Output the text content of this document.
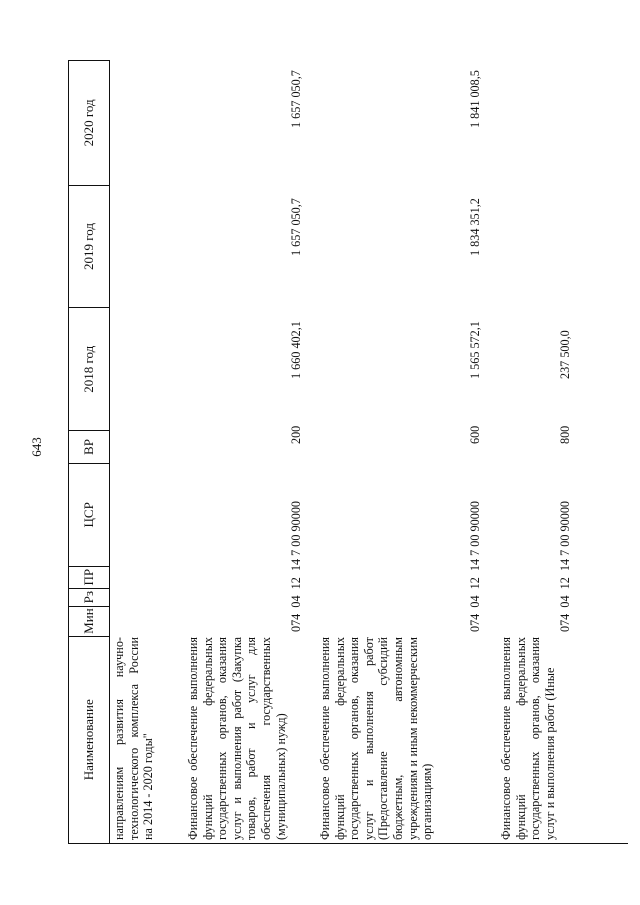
643
Наименование
Мин
Рз
ПР
ЦСР
ВР
2018 год
2019 год
2020 год
направлениям развития научно-технологического комплекса России на 2014 - 2020 годы"	Финансовое обеспечение выполнения функций федеральных государственных органов, оказания услуг и выполнения работ (Закупка товаров, работ и услуг для обеспечения государственных (муниципальных) нужд)
074  04  12  14 7 00 90000
200
1 660 402,1
1 657 050,7
1 657 050,7
Финансовое обеспечение выполнения функций федеральных государственных органов, оказания услуг и выполнения работ (Предоставление субсидий бюджетным, автономным учреждениям и иным некоммерческим организациям)
074  04  12  14 7 00 90000
600
1 565 572,1
1 834 351,2
1 841 008,5
Финансовое обеспечение выполнения функций федеральных государственных органов, оказания услуг и выполнения работ (Иные
074  04  12  14 7 00 90000
800
237 500,0
